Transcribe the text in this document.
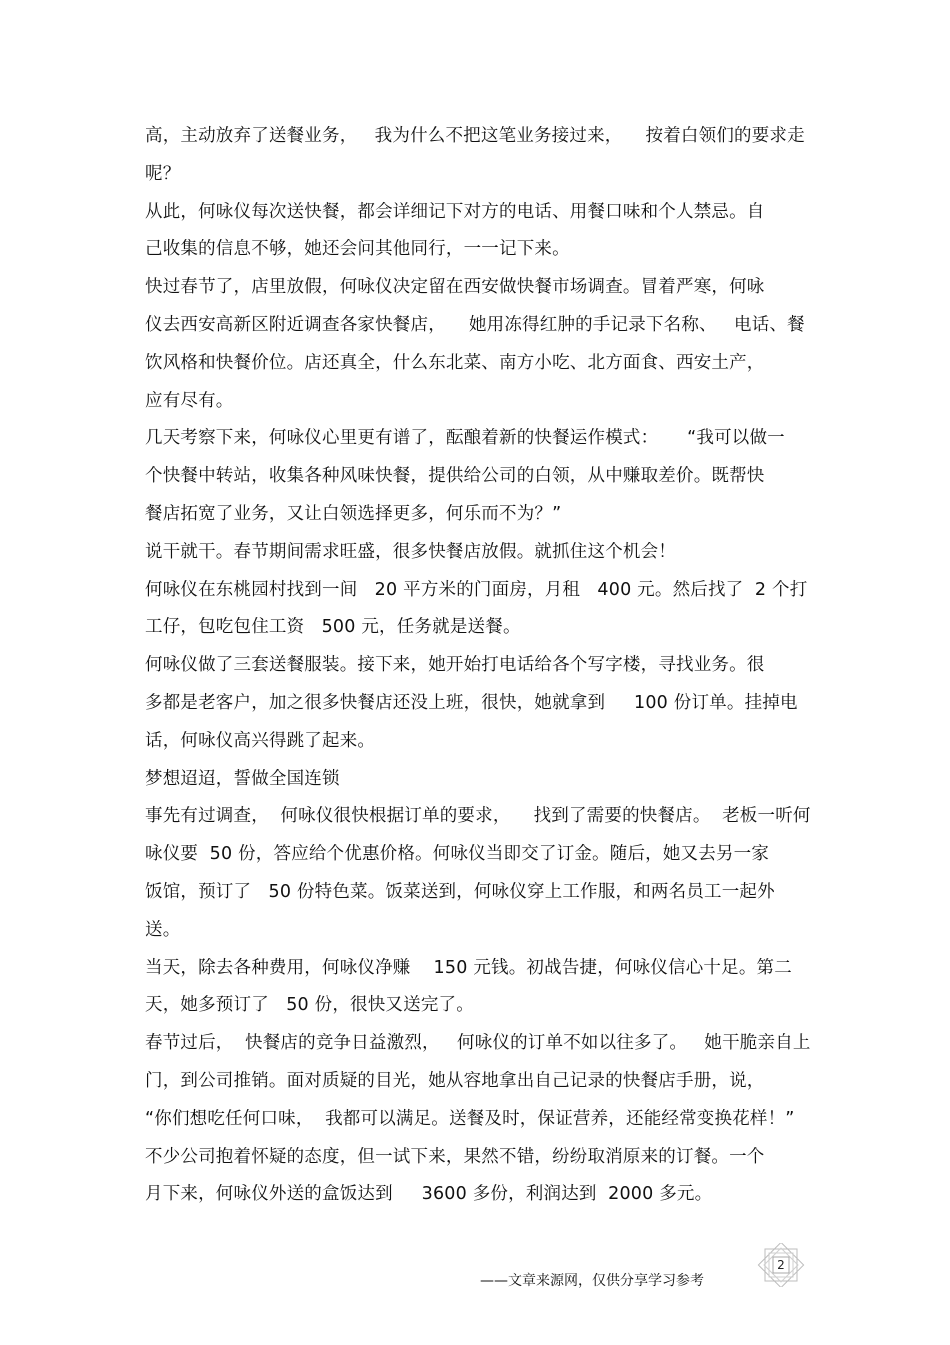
高，主动放弃了送餐业务，   我为什么不把这笔业务接过来，    按着白领们的要求走
呢？
从此，何咏仪每次送快餐，都会详细记下对方的电话、用餐口味和个人禁忌。自
己收集的信息不够，她还会问其他同行，一一记下来。
快过春节了，店里放假，何咏仪决定留在西安做快餐市场调查。冒着严寒，何咏
仪去西安高新区附近调查各家快餐店，    她用冻得红肿的手记录下名称、   电话、餐
饮风格和快餐价位。店还真全，什么东北菜、南方小吃、北方面食、西安土产，
应有尽有。
几天考察下来，何咏仪心里更有谱了，酝酿着新的快餐运作模式：     “我可以做一
个快餐中转站，收集各种风味快餐，提供给公司的白领，从中赚取差价。既帮快
餐店拓宽了业务，又让白领选择更多，何乐而不为？”
说干就干。春节期间需求旺盛，很多快餐店放假。就抓住这个机会！
何咏仪在东桃园村找到一间   20 平方米的门面房，月租   400 元。然后找了  2 个打
工仔，包吃包住工资   500 元，任务就是送餐。
何咏仪做了三套送餐服装。接下来，她开始打电话给各个写字楼，寻找业务。很
多都是老客户，加之很多快餐店还没上班，很快，她就拿到     100 份订单。挂掉电
话，何咏仪高兴得跳了起来。
梦想迢迢，誓做全国连锁
事先有过调查，  何咏仪很快根据订单的要求，    找到了需要的快餐店。  老板一听何
咏仪要  50 份，答应给个优惠价格。何咏仪当即交了订金。随后，她又去另一家
饭馆，预订了   50 份特色菜。饭菜送到，何咏仪穿上工作服，和两名员工一起外
送。
当天，除去各种费用，何咏仪净赚    150 元钱。初战告捷，何咏仪信心十足。第二
天，她多预订了   50 份，很快又送完了。
春节过后，  快餐店的竞争日益激烈，   何咏仪的订单不如以往多了。   她干脆亲自上
门，到公司推销。面对质疑的目光，她从容地拿出自己记录的快餐店手册，说，
“你们想吃任何口味，  我都可以满足。送餐及时，保证营养，还能经常变换花样！”
不少公司抱着怀疑的态度，但一试下来，果然不错，纷纷取消原来的订餐。一个
月下来，何咏仪外送的盒饭达到     3600 多份，利润达到  2000 多元。
——文章来源网，仅供分享学习参考
2
